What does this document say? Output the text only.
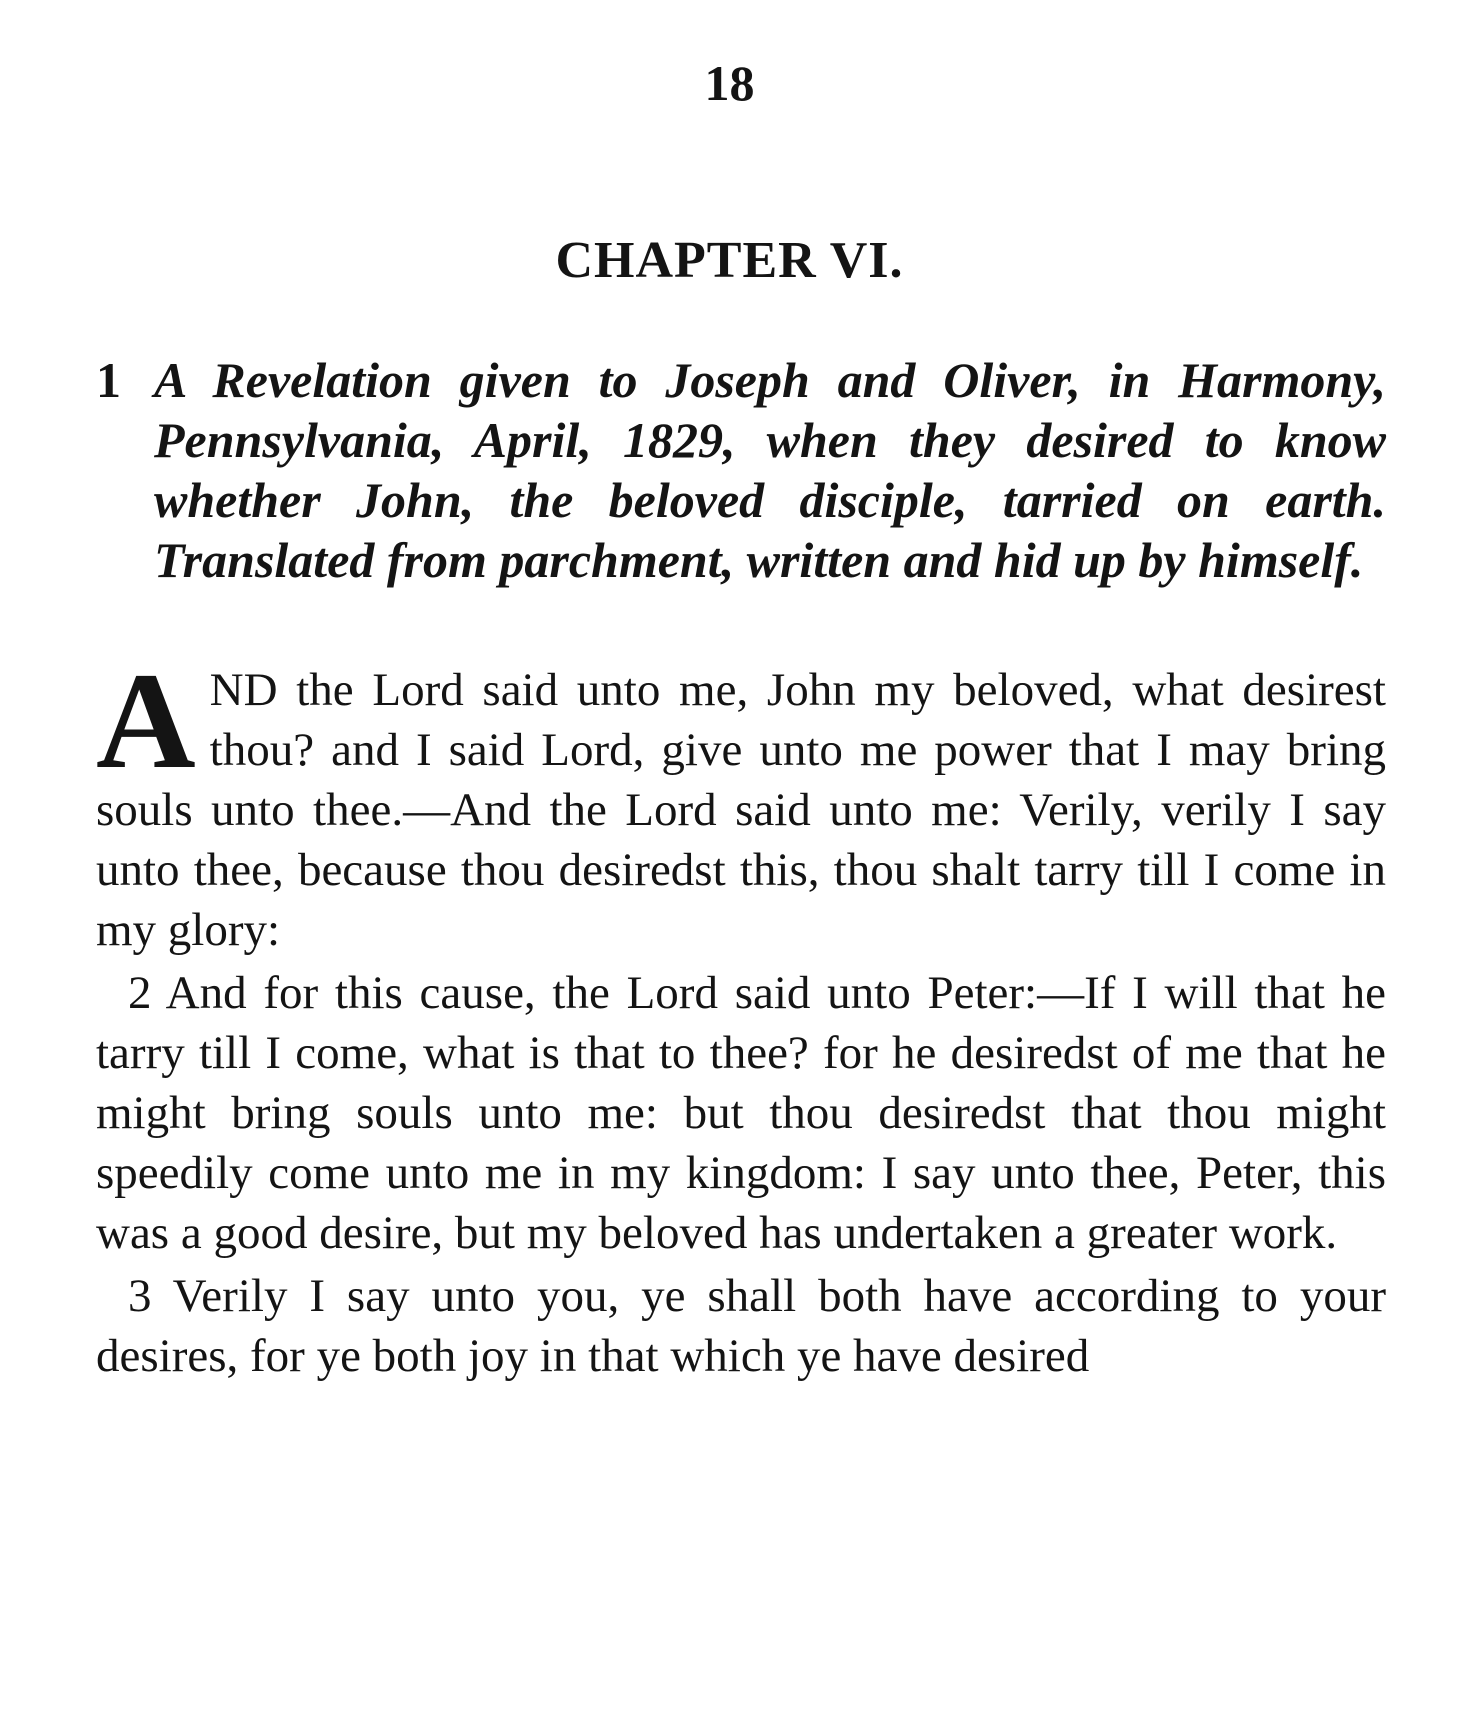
18

CHAPTER VI.
1 A Revelation given to Joseph and Oliver, in Harmony, Pennsylvania, April, 1829, when they desired to know whether John, the beloved disciple, tarried on earth. Translated from parchment, written and hid up by himself.

AND the Lord said unto me, John my beloved, what desirest thou? and I said Lord, give unto me power that I may bring souls unto thee.—And the Lord said unto me: Verily, verily I say unto thee, because thou desiredst this, thou shalt tarry till I come in my glory:

2 And for this cause, the Lord said unto Peter:—If I will that he tarry till I come, what is that to thee? for he desiredst of me that he might bring souls unto me: but thou desiredst that thou might speedily come unto me in my kingdom: I say unto thee, Peter, this was a good desire, but my beloved has undertaken a greater work.

3 Verily I say unto you, ye shall both have according to your desires, for ye both joy in that which ye have desired
